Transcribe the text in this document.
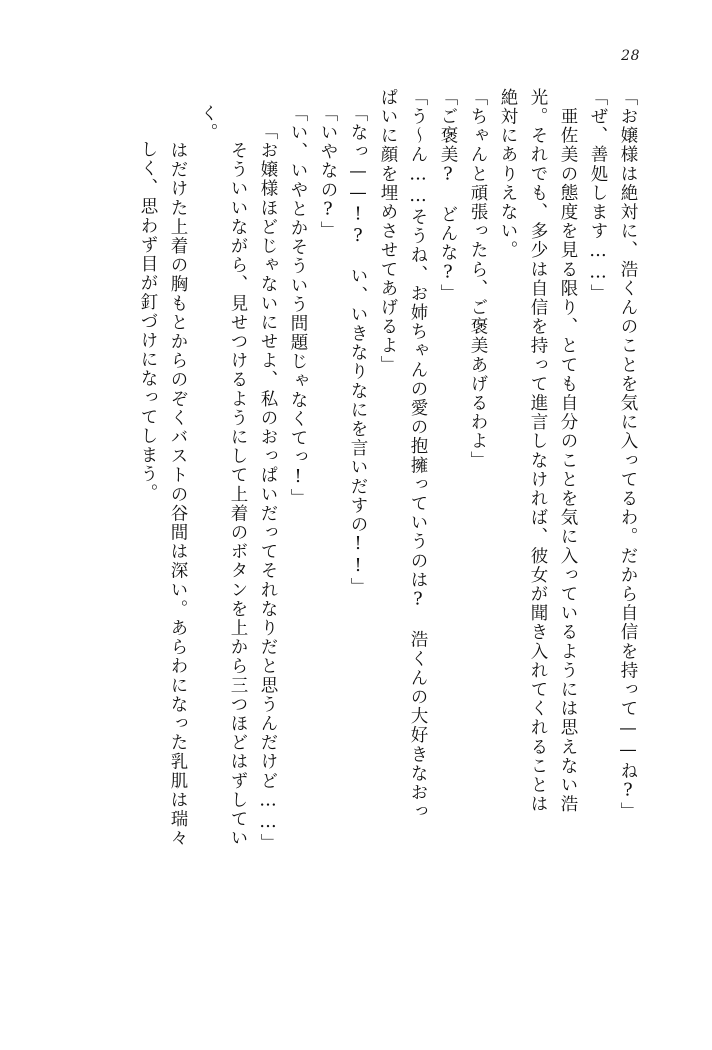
28
「お嬢様は絶対に、浩くんのことを気に入ってるわ。だから自信を持って——ね?」
「ぜ、善処します……」
　亜佐美の態度を見る限り、とても自分のことを気に入っているようには思えない浩
光。それでも、多少は自信を持って進言しなければ、彼女が聞き入れてくれることは
絶対にありえない。
「ちゃんと頑張ったら、ご褒美あげるわよ」
「ご褒美?　どんな?」
「う〜ん……そうね、お姉ちゃんの愛の抱擁っていうのは?　浩くんの大好きなおっ
ぱいに顔を埋めさせてあげるよ」
「なっ——!?　い、いきなりなにを言いだすの!!」
「いやなの?」
「い、いやとかそういう問題じゃなくてっ!」
「お嬢様ほどじゃないにせよ、私のおっぱいだってそれなりだと思うんだけど……」
　そういいながら、見せつけるようにして上着のボタンを上から三つほどはずしてい
く。
　はだけた上着の胸もとからのぞくバストの谷間は深い。あらわになった乳肌は瑞々
しく、思わず目が釘づけになってしまう。
